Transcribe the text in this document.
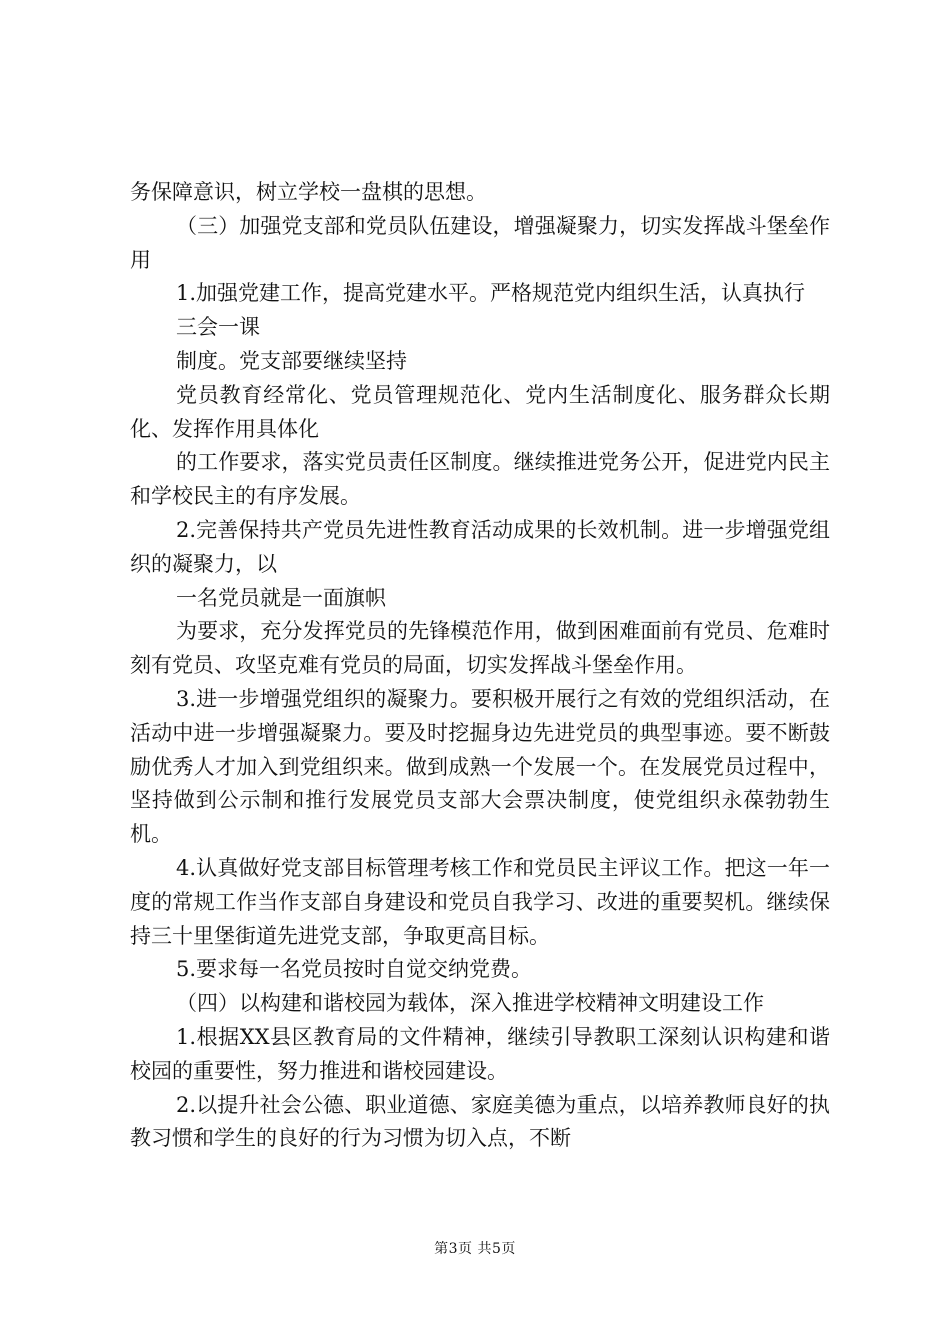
务保障意识，树立学校一盘棋的思想。

（三）加强党支部和党员队伍建设，增强凝聚力，切实发挥战斗堡垒作用

1.加强党建工作，提高党建水平。严格规范党内组织生活，认真执行

三会一课

制度。党支部要继续坚持

党员教育经常化、党员管理规范化、党内生活制度化、服务群众长期化、发挥作用具体化

的工作要求，落实党员责任区制度。继续推进党务公开，促进党内民主和学校民主的有序发展。

2.完善保持共产党员先进性教育活动成果的长效机制。进一步增强党组织的凝聚力，以

一名党员就是一面旗帜

为要求，充分发挥党员的先锋模范作用，做到困难面前有党员、危难时刻有党员、攻坚克难有党员的局面，切实发挥战斗堡垒作用。

3.进一步增强党组织的凝聚力。要积极开展行之有效的党组织活动，在活动中进一步增强凝聚力。要及时挖掘身边先进党员的典型事迹。要不断鼓励优秀人才加入到党组织来。做到成熟一个发展一个。在发展党员过程中，坚持做到公示制和推行发展党员支部大会票决制度，使党组织永葆勃勃生机。

4.认真做好党支部目标管理考核工作和党员民主评议工作。把这一年一度的常规工作当作支部自身建设和党员自我学习、改进的重要契机。继续保持三十里堡街道先进党支部，争取更高目标。

5.要求每一名党员按时自觉交纳党费。

（四）以构建和谐校园为载体，深入推进学校精神文明建设工作

1.根据XX县区教育局的文件精神，继续引导教职工深刻认识构建和谐校园的重要性，努力推进和谐校园建设。

2.以提升社会公德、职业道德、家庭美德为重点，以培养教师良好的执教习惯和学生的良好的行为习惯为切入点，不断

第3页 共5页
